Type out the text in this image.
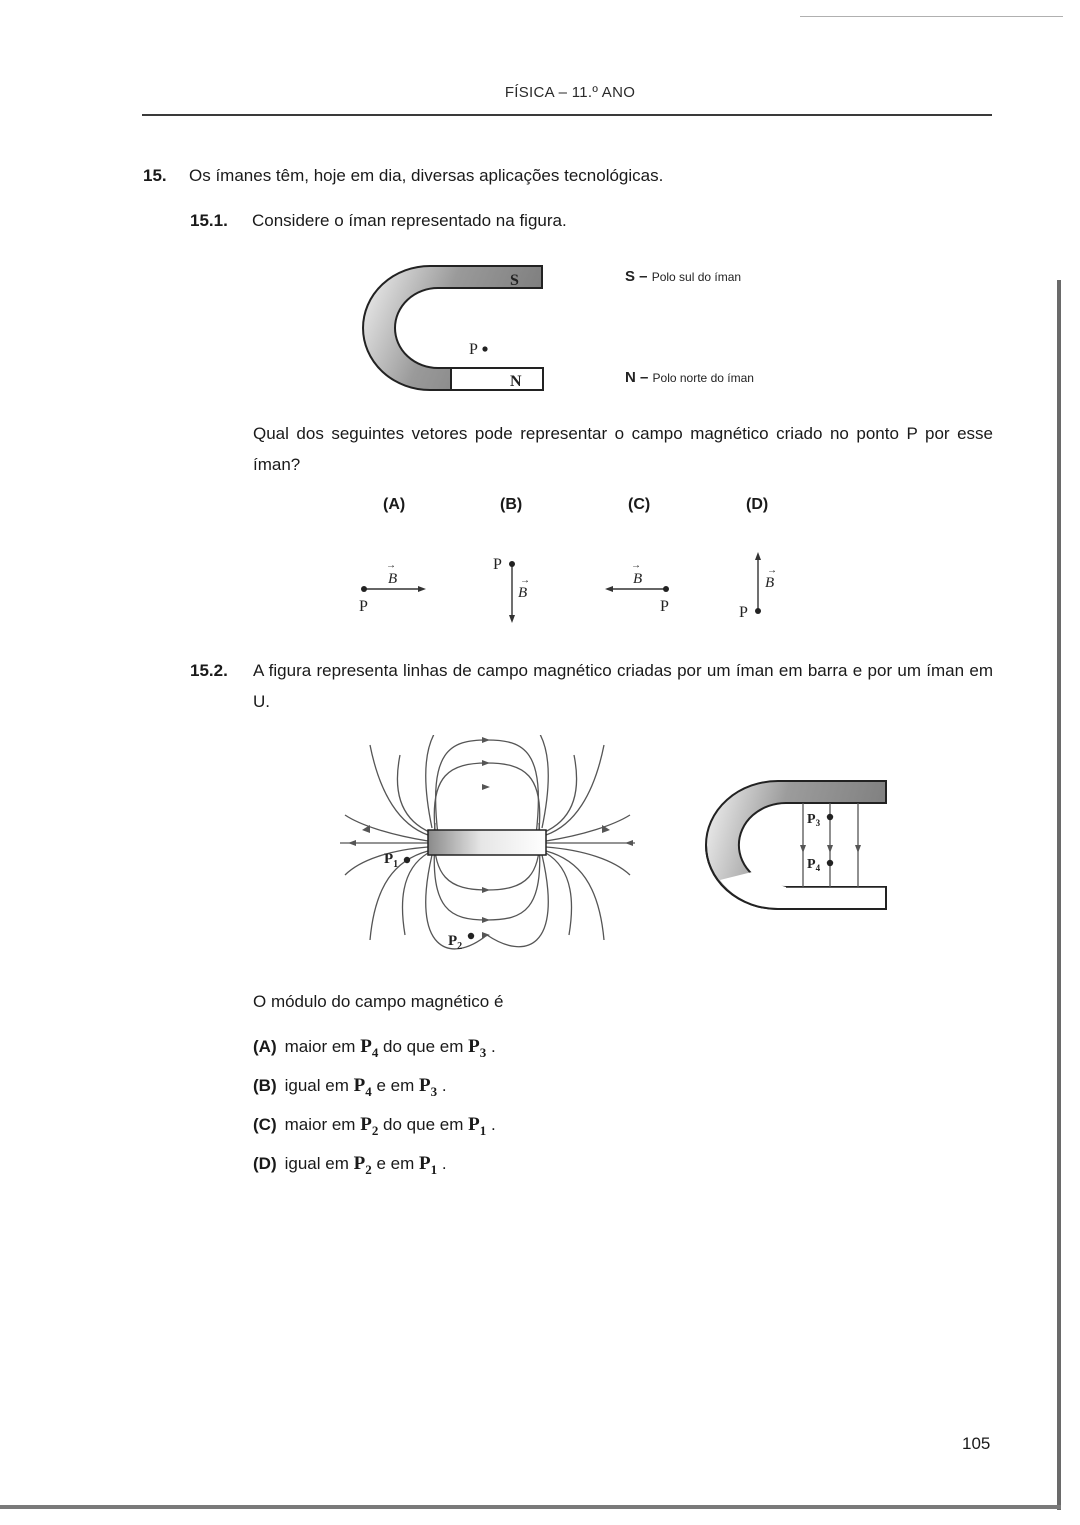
FÍSICA – 11.º ANO
15. Os ímanes têm, hoje em dia, diversas aplicações tecnológicas.
15.1. Considere o íman representado na figura.
S
N
P
S – Polo sul do íman
N – Polo norte do íman
Qual dos seguintes vetores pode representar o campo magnético criado no ponto P por esse íman?
(A)	(B)	(C)	(D)
B
→
P
P
B
→	B
→
P	P
B
→
15.2. A figura representa linhas de campo magnético criadas por um íman em barra e por um íman em U.
$P_1$
$P_2$
$P_3$
$P_4$
O módulo do campo magnético é
(A) maior em $P_4$ do que em $P_3$ .
(B) igual em $P_4$ e em $P_3$ .
(C) maior em $P_2$ do que em $P_1$ .
(D) igual em $P_2$ e em $P_1$ .
105
